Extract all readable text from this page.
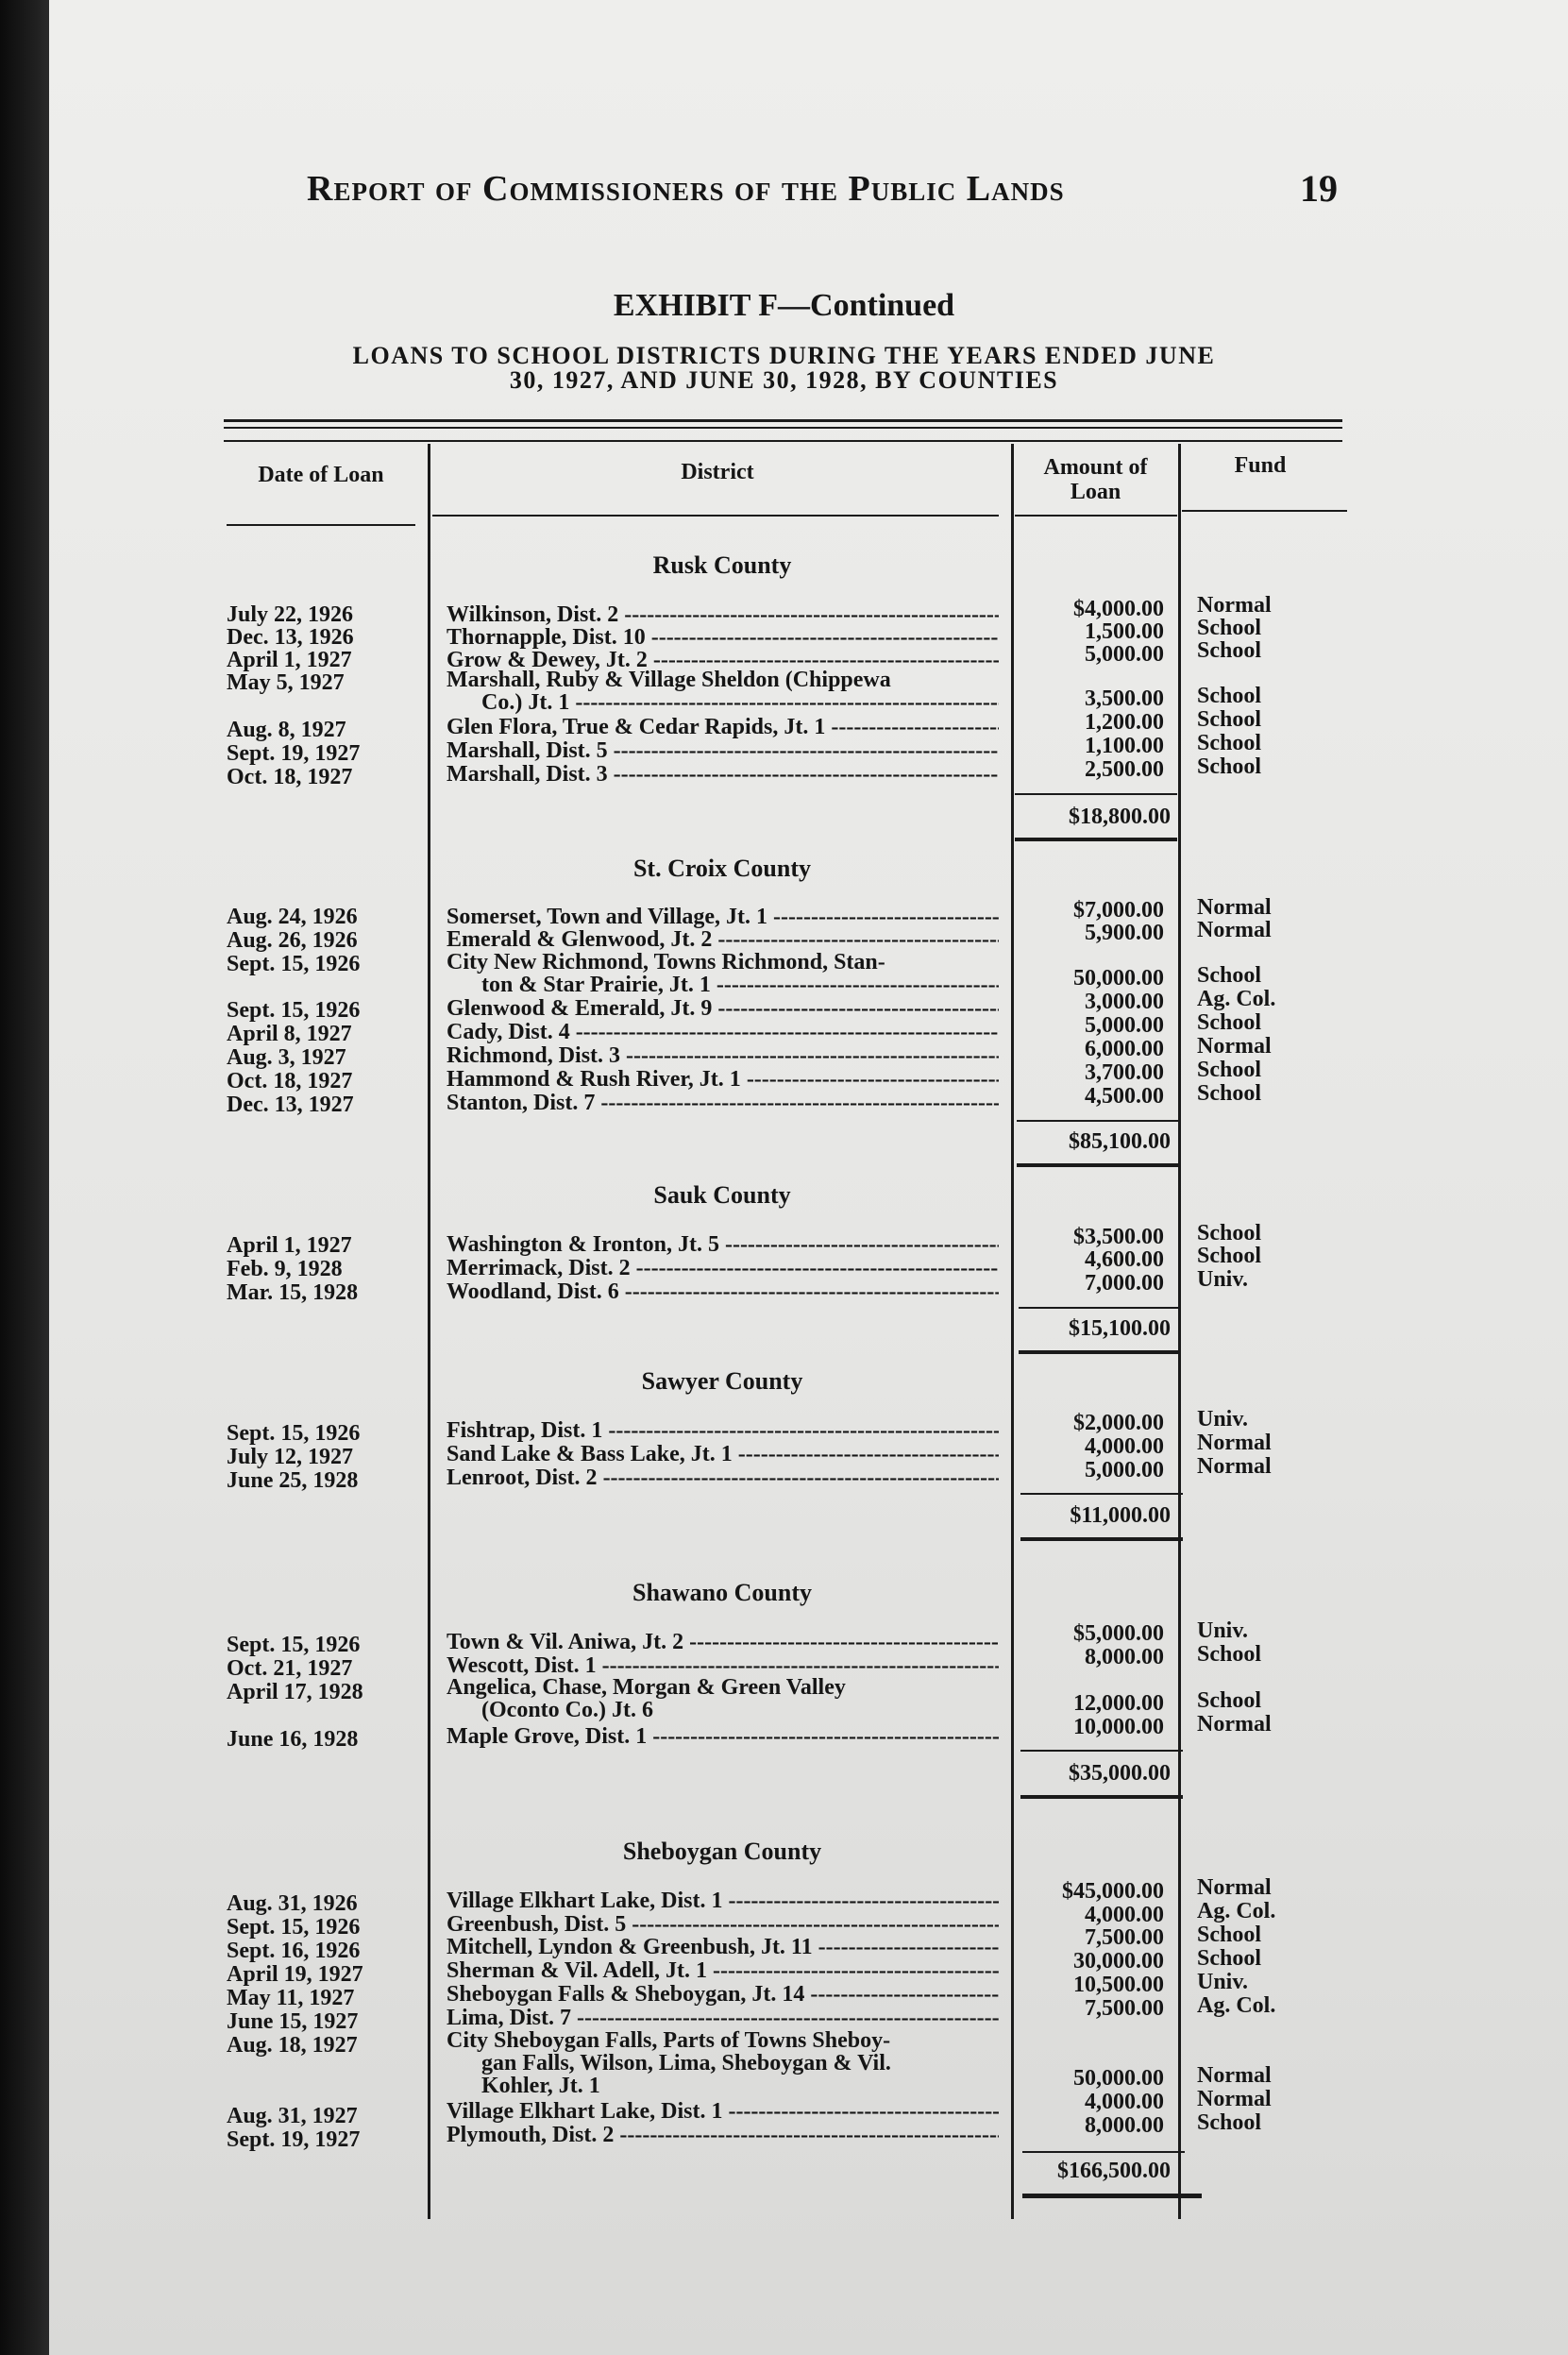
Report of Commissioners of the Public Lands	19
EXHIBIT F—Continued
LOANS TO SCHOOL DISTRICTS DURING THE YEARS ENDED JUNE
30, 1927, AND JUNE 30, 1928, BY COUNTIES
Date of Loan	District	Amount of
Loan
Fund
Rusk County
July 22, 1926	Wilkinson, Dist. 2 -----	$4,000.00 Normal
Dec. 13, 1926	Thornapple, Dist. 10 -----	1,500.00 School
April 1, 1927	Grow & Dewey, Jt. 2 -----	5,000.00 School
May 5, 1927	Marshall, Ruby & Village Sheldon (Chippewa
Co.) Jt. 1 -----	3,500.00 School
Aug. 8, 1927	Glen Flora, True & Cedar Rapids, Jt. 1 -----	1,200.00 School
Sept. 19, 1927	Marshall, Dist. 5 -----	1,100.00 School
Oct. 18, 1927	Marshall, Dist. 3 -----	2,500.00 School
$18,800.00
St. Croix County
Aug. 24, 1926	Somerset, Town and Village, Jt. 1 -----	$7,000.00 Normal
Aug. 26, 1926	Emerald & Glenwood, Jt. 2 -----	5,900.00 Normal
Sept. 15, 1926	City New Richmond, Towns Richmond, Stan-
ton & Star Prairie, Jt. 1 -----	50,000.00 School
Sept. 15, 1926	Glenwood & Emerald, Jt. 9 -----	3,000.00 Ag. Col.
April 8, 1927	Cady, Dist. 4 -----	5,000.00 School
Aug. 3, 1927	Richmond, Dist. 3 -----	6,000.00 Normal
Oct. 18, 1927	Hammond & Rush River, Jt. 1 -----	3,700.00 School
Dec. 13, 1927	Stanton, Dist. 7 -----	4,500.00 School
$85,100.00
Sauk County
April 1, 1927	Washington & Ironton, Jt. 5 -----	$3,500.00 School
Feb. 9, 1928	Merrimack, Dist. 2 -----	4,600.00 School
Mar. 15, 1928	Woodland, Dist. 6 -----	7,000.00 Univ.
$15,100.00
Sawyer County
Sept. 15, 1926	Fishtrap, Dist. 1 -----	$2,000.00 Univ.
July 12, 1927	Sand Lake & Bass Lake, Jt. 1 -----	4,000.00 Normal
June 25, 1928	Lenroot, Dist. 2 -----	5,000.00 Normal
$11,000.00
Shawano County
Sept. 15, 1926	Town & Vil. Aniwa, Jt. 2 -----	$5,000.00 Univ.
Oct. 21, 1927	Wescott, Dist. 1 -----	8,000.00 School
April 17, 1928	Angelica, Chase, Morgan & Green Valley
(Oconto Co.) Jt. 6	12,000.00 School
June 16, 1928	Maple Grove, Dist. 1 -----	10,000.00 Normal
$35,000.00
Sheboygan County
Aug. 31, 1926	Village Elkhart Lake, Dist. 1 -----	$45,000.00 Normal
Sept. 15, 1926	Greenbush, Dist. 5 -----	4,000.00 Ag. Col.
Sept. 16, 1926	Mitchell, Lyndon & Greenbush, Jt. 11 -----	7,500.00 School
April 19, 1927	Sherman & Vil. Adell, Jt. 1 -----	30,000.00 School
May 11, 1927	Sheboygan Falls & Sheboygan, Jt. 14 -----	10,500.00 Univ.
June 15, 1927	Lima, Dist. 7 -----	7,500.00 Ag. Col.
Aug. 18, 1927	City Sheboygan Falls, Parts of Towns Sheboy-
gan Falls, Wilson, Lima, Sheboygan & Vil.
Kohler, Jt. 1	50,000.00 Normal
Aug. 31, 1927	Village Elkhart Lake, Dist. 1 -----	4,000.00 Normal
Sept. 19, 1927	Plymouth, Dist. 2 -----	8,000.00 School
$166,500.00
